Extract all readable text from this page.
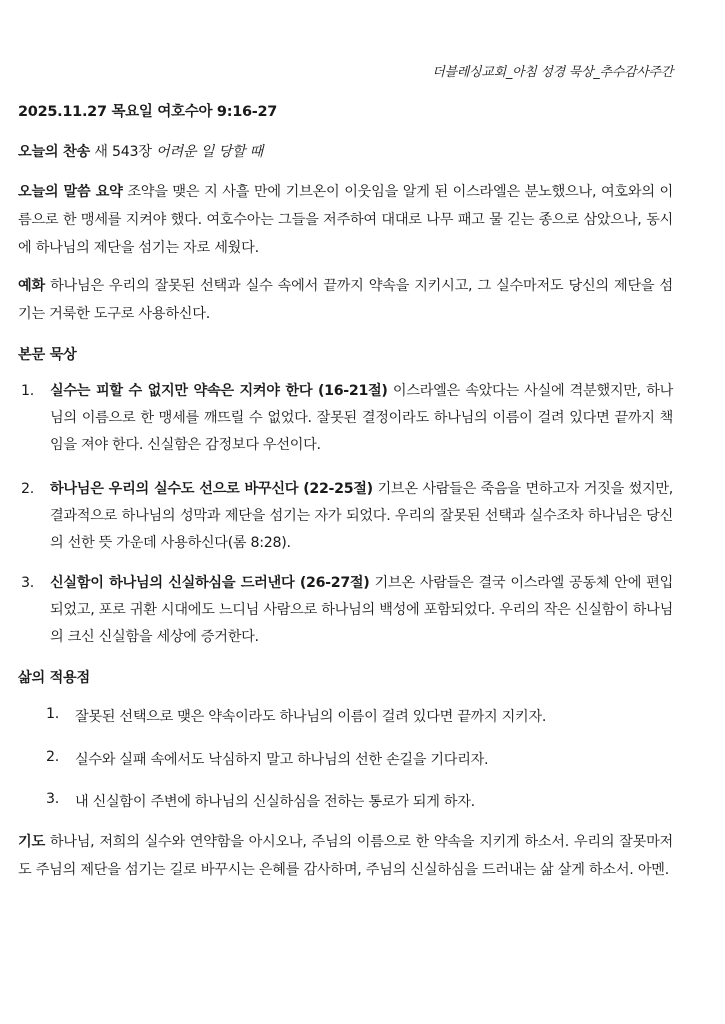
더블레싱교회_아침 성경 묵상_추수감사주간
2025.11.27 목요일 여호수아 9:16-27
오늘의 찬송 새 543장 어려운 일 당할 때
오늘의 말씀 요약 조약을 맺은 지 사흘 만에 기브온이 이웃임을 알게 된 이스라엘은 분노했으나, 여호와의 이름으로 한 맹세를 지켜야 했다. 여호수아는 그들을 저주하여 대대로 나무 패고 물 긷는 종으로 삼았으나, 동시에 하나님의 제단을 섬기는 자로 세웠다.
예화 하나님은 우리의 잘못된 선택과 실수 속에서 끝까지 약속을 지키시고, 그 실수마저도 당신의 제단을 섬기는 거룩한 도구로 사용하신다.
본문 묵상
1. 실수는 피할 수 없지만 약속은 지켜야 한다 (16-21절) 이스라엘은 속았다는 사실에 격분했지만, 하나님의 이름으로 한 맹세를 깨뜨릴 수 없었다. 잘못된 결정이라도 하나님의 이름이 걸려 있다면 끝까지 책임을 져야 한다. 신실함은 감정보다 우선이다.
2. 하나님은 우리의 실수도 선으로 바꾸신다 (22-25절) 기브온 사람들은 죽음을 면하고자 거짓을 썼지만, 결과적으로 하나님의 성막과 제단을 섬기는 자가 되었다. 우리의 잘못된 선택과 실수조차 하나님은 당신의 선한 뜻 가운데 사용하신다(롬 8:28).
3. 신실함이 하나님의 신실하심을 드러낸다 (26-27절) 기브온 사람들은 결국 이스라엘 공동체 안에 편입되었고, 포로 귀환 시대에도 느디님 사람으로 하나님의 백성에 포함되었다. 우리의 작은 신실함이 하나님의 크신 신실함을 세상에 증거한다.
삶의 적용점
1. 잘못된 선택으로 맺은 약속이라도 하나님의 이름이 걸려 있다면 끝까지 지키자.
2. 실수와 실패 속에서도 낙심하지 말고 하나님의 선한 손길을 기다리자.
3. 내 신실함이 주변에 하나님의 신실하심을 전하는 통로가 되게 하자.
기도 하나님, 저희의 실수와 연약함을 아시오나, 주님의 이름으로 한 약속을 지키게 하소서. 우리의 잘못마저도 주님의 제단을 섬기는 길로 바꾸시는 은혜를 감사하며, 주님의 신실하심을 드러내는 삶 살게 하소서. 아멘.
